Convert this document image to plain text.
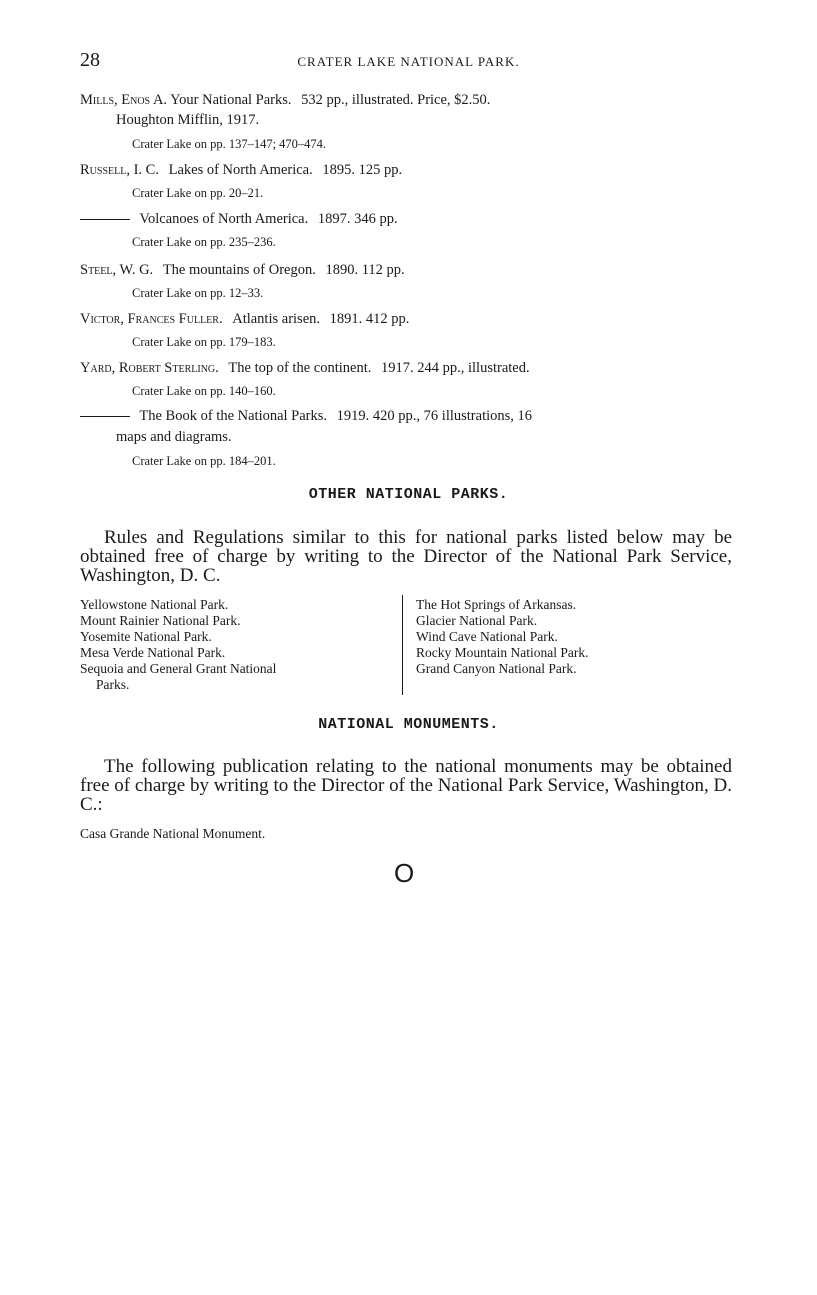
28	CRATER LAKE NATIONAL PARK.
Mills, Enos A. Your National Parks. 532 pp., illustrated. Price, $2.50.
Houghton Mifflin, 1917.
Crater Lake on pp. 137–147; 470–474.
Russell, I. C. Lakes of North America. 1895. 125 pp.
Crater Lake on pp. 20–21.
Volcanoes of North America. 1897. 346 pp.
Crater Lake on pp. 235–236.
Steel, W. G. The mountains of Oregon. 1890. 112 pp.
Crater Lake on pp. 12–33.
Victor, Frances Fuller. Atlantis arisen. 1891. 412 pp.
Crater Lake on pp. 179–183.
Yard, Robert Sterling. The top of the continent. 1917. 244 pp., illustrated.
Crater Lake on pp. 140–160.
The Book of the National Parks. 1919. 420 pp., 76 illustrations, 16
maps and diagrams.
Crater Lake on pp. 184–201.
OTHER NATIONAL PARKS.
Rules and Regulations similar to this for national parks listed below may be obtained free of charge by writing to the Director of the National Park Service, Washington, D. C.
Yellowstone National Park.
Mount Rainier National Park.
Yosemite National Park.
Mesa Verde National Park.
Sequoia and General Grant National
Parks.
The Hot Springs of Arkansas.
Glacier National Park.
Wind Cave National Park.
Rocky Mountain National Park.
Grand Canyon National Park.
NATIONAL MONUMENTS.
The following publication relating to the national monuments may be obtained free of charge by writing to the Director of the National Park Service, Washington, D. C.:
Casa Grande National Monument.
O
